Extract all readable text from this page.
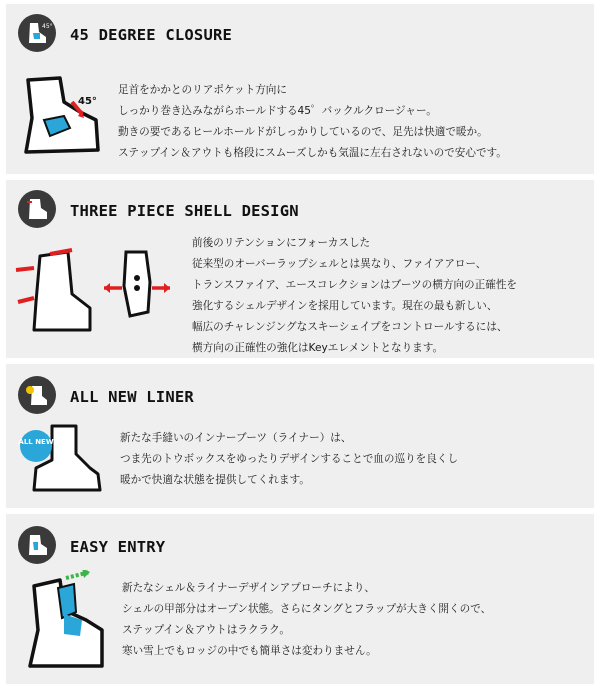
45° 45 DEGREE CLOSURE
45°
足首をかかとのリアポケット方向に
しっかり巻き込みながらホールドする45゜バックルクロージャー。
動きの要であるヒールホールドがしっかりしているので、足先は快適で暖か。
ステップイン＆アウトも格段にスムーズしかも気温に左右されないので安心です。
THREE PIECE SHELL DESIGN
前後のリテンションにフォーカスした
従来型のオーバーラップシェルとは異なり、ファイアアロー、
トランスファイア、エースコレクションはブーツの横方向の正確性を
強化するシェルデザインを採用しています。現在の最も新しい、
幅広のチャレンジングなスキーシェイプをコントロールするには、
横方向の正確性の強化はKeyエレメントとなります。
ALL NEW LINER
ALL NEW	新たな手縫いのインナーブーツ（ライナー）は、
つま先のトウボックスをゆったりデザインすることで血の巡りを良くし
暖かで快適な状態を提供してくれます。
EASY ENTRY
新たなシェル＆ライナーデザインアプローチにより、
シェルの甲部分はオープン状態。さらにタングとフラップが大きく開くので、
ステップイン＆アウトはラクラク。
寒い雪上でもロッジの中でも簡単さは変わりません。
